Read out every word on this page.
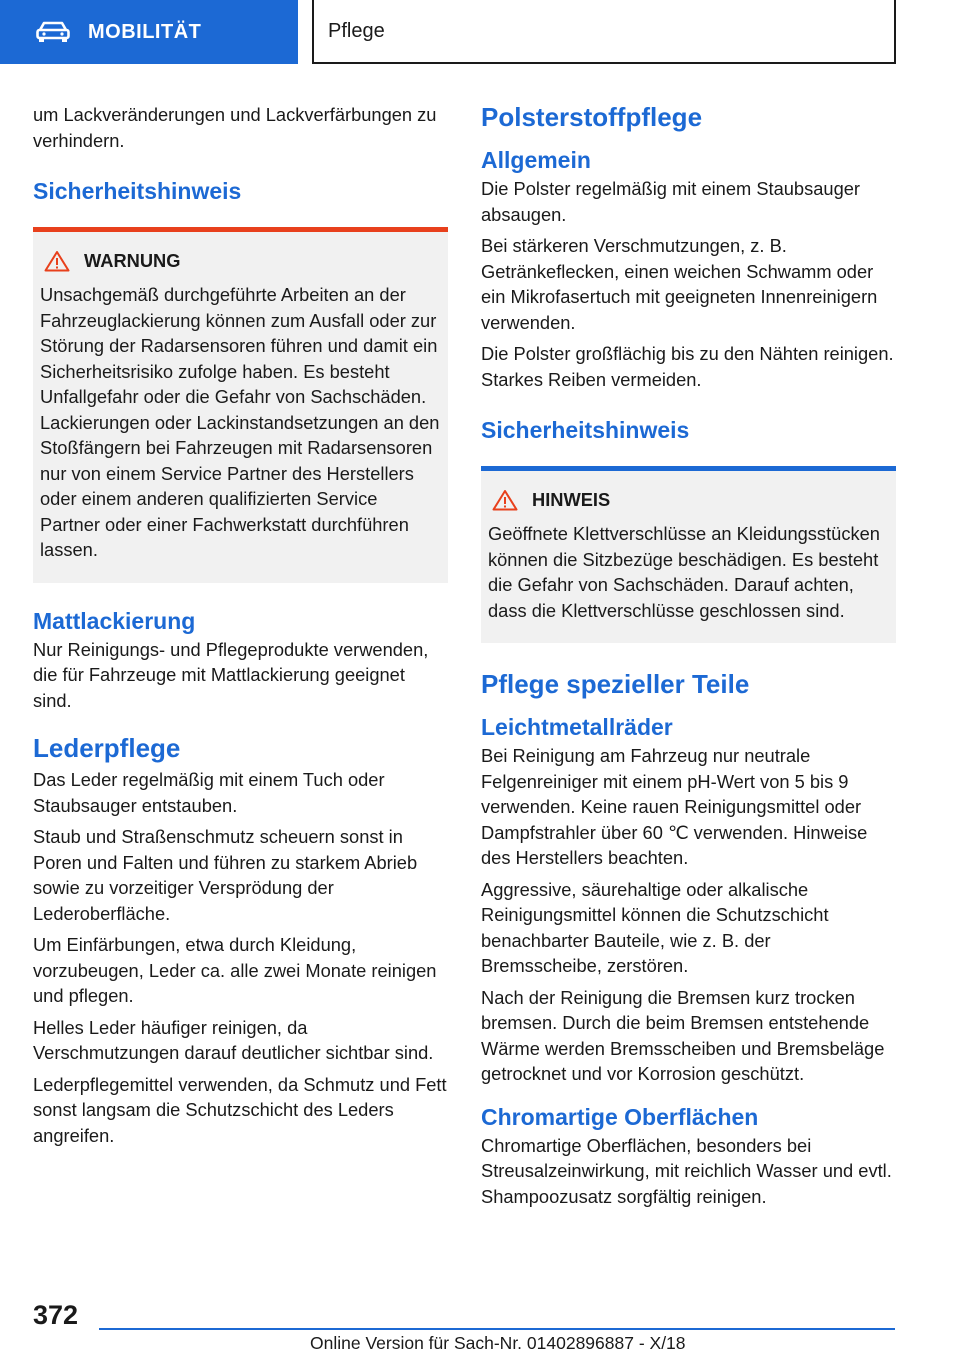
MOBILITÄT	Pflege

um Lackveränderungen und Lackverfärbungen zu verhindern.

Sicherheitshinweis
WARNUNG

Unsachgemäß durchgeführte Arbeiten an der Fahrzeuglackierung können zum Ausfall oder zur Störung der Radarsensoren führen und damit ein Sicherheitsrisiko zufolge haben. Es besteht Unfallgefahr oder die Gefahr von Sachschäden. Lackierungen oder Lackinstandsetzungen an den Stoßfängern bei Fahrzeugen mit Radarsensoren nur von einem Service Partner des Herstellers oder einem anderen qualifizierten Service Partner oder einer Fachwerkstatt durchführen lassen.

Mattlackierung

Nur Reinigungs- und Pflegeprodukte verwenden, die für Fahrzeuge mit Mattlackierung geeignet sind.

Lederpflege

Das Leder regelmäßig mit einem Tuch oder Staubsauger entstauben.

Staub und Straßenschmutz scheuern sonst in Poren und Falten und führen zu starkem Abrieb sowie zu vorzeitiger Versprödung der Lederoberfläche.

Um Einfärbungen, etwa durch Kleidung, vorzubeugen, Leder ca. alle zwei Monate reinigen und pflegen.

Helles Leder häufiger reinigen, da Verschmutzungen darauf deutlicher sichtbar sind.

Lederpflegemittel verwenden, da Schmutz und Fett sonst langsam die Schutzschicht des Leders angreifen.

Polsterstoffpflege
Allgemein

Die Polster regelmäßig mit einem Staubsauger absaugen.

Bei stärkeren Verschmutzungen, z. B. Getränkeflecken, einen weichen Schwamm oder ein Mikrofasertuch mit geeigneten Innenreinigern verwenden.

Die Polster großflächig bis zu den Nähten reinigen. Starkes Reiben vermeiden.

Sicherheitshinweis
HINWEIS

Geöffnete Klettverschlüsse an Kleidungsstücken können die Sitzbezüge beschädigen. Es besteht die Gefahr von Sachschäden. Darauf achten, dass die Klettverschlüsse geschlossen sind.

Pflege spezieller Teile
Leichtmetallräder

Bei Reinigung am Fahrzeug nur neutrale Felgenreiniger mit einem pH-Wert von 5 bis 9 verwenden. Keine rauen Reinigungsmittel oder Dampfstrahler über 60 ℃ verwenden. Hinweise des Herstellers beachten.

Aggressive, säurehaltige oder alkalische Reinigungsmittel können die Schutzschicht benachbarter Bauteile, wie z. B. der Bremsscheibe, zerstören.

Nach der Reinigung die Bremsen kurz trocken bremsen. Durch die beim Bremsen entstehende Wärme werden Bremsscheiben und Bremsbeläge getrocknet und vor Korrosion geschützt.

Chromartige Oberflächen

Chromartige Oberflächen, besonders bei Streusalzeinwirkung, mit reichlich Wasser und evtl. Shampoozusatz sorgfältig reinigen.

372
Online Version für Sach-Nr. 01402896887 - X/18
